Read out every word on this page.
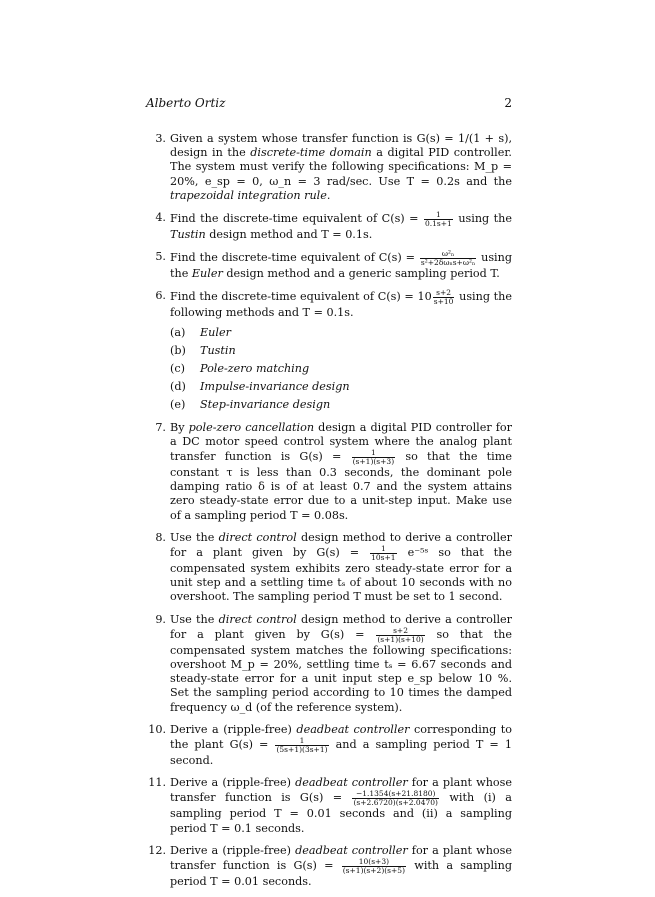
Alberto Ortiz	2
3. Given a system whose transfer function is G(s) = 1/(1 + s), design in the discrete-time domain a digital PID controller. The system must verify the following specifications: M_p = 20%, e_sp = 0, ω_n = 3 rad/sec. Use T = 0.2s and the trapezoidal integration rule.
4. Find the discrete-time equivalent of $C(s) = \frac{1}{0.1s+1}$ using the Tustin design method and T = 0.1s.
5. Find the discrete-time equivalent of $C(s) = \frac{\text{ω²ₙ}}{\text{s²+2δωₙs+ω²ₙ}}$ using the Euler design method and a generic sampling period T.
6. Find the discrete-time equivalent of $C(s) = 10 \frac{s+2}{s+10}$ using the following methods and T = 0.1s.
(a)	Euler
(b)	Tustin
(c)	Pole-zero matching
(d)	Impulse-invariance design
(e)	Step-invariance design
7. By pole-zero cancellation design a digital PID controller for a DC motor speed control system where the analog plant transfer function is $G(s) = \frac{1}{(s+1)(s+3)}$ so that the time constant τ is less than 0.3 seconds, the dominant pole damping ratio δ is of at least 0.7 and the system attains zero steady-state error due to a unit-step input. Make use of a sampling period T = 0.08s.
8. Use the direct control design method to derive a controller for a plant given by $G(s) = \frac{1}{10s+1}$ e⁻⁵ˢ so that the compensated system exhibits zero steady-state error for a unit step and a settling time tₛ of about 10 seconds with no overshoot. The sampling period T must be set to 1 second.
9. Use the direct control design method to derive a controller for a plant given by $G(s) = \frac{s+2}{(s+1)(s+10)}$ so that the compensated system matches the following specifications: overshoot M_p = 20%, settling time tₛ = 6.67 seconds and steady-state error for a unit input step e_sp below 10 %. Set the sampling period according to 10 times the damped frequency ω_d (of the reference system).
10. Derive a (ripple-free) deadbeat controller corresponding to the plant $G(s) = \frac{1}{(5s+1)(3s+1)}$ and a sampling period T = 1 second.
11. Derive a (ripple-free) deadbeat controller for a plant whose transfer function is $G(s) = \frac{-1.1354(s+21.8180)}{(s+2.6720)(s+2.0470)}$ with (i) a sampling period T = 0.01 seconds and (ii) a sampling period T = 0.1 seconds.
12. Derive a (ripple-free) deadbeat controller for a plant whose transfer function is $G(s) = \frac{10(s+3)}{(s+1)(s+2)(s+5)}$ with a sampling period T = 0.01 seconds.
